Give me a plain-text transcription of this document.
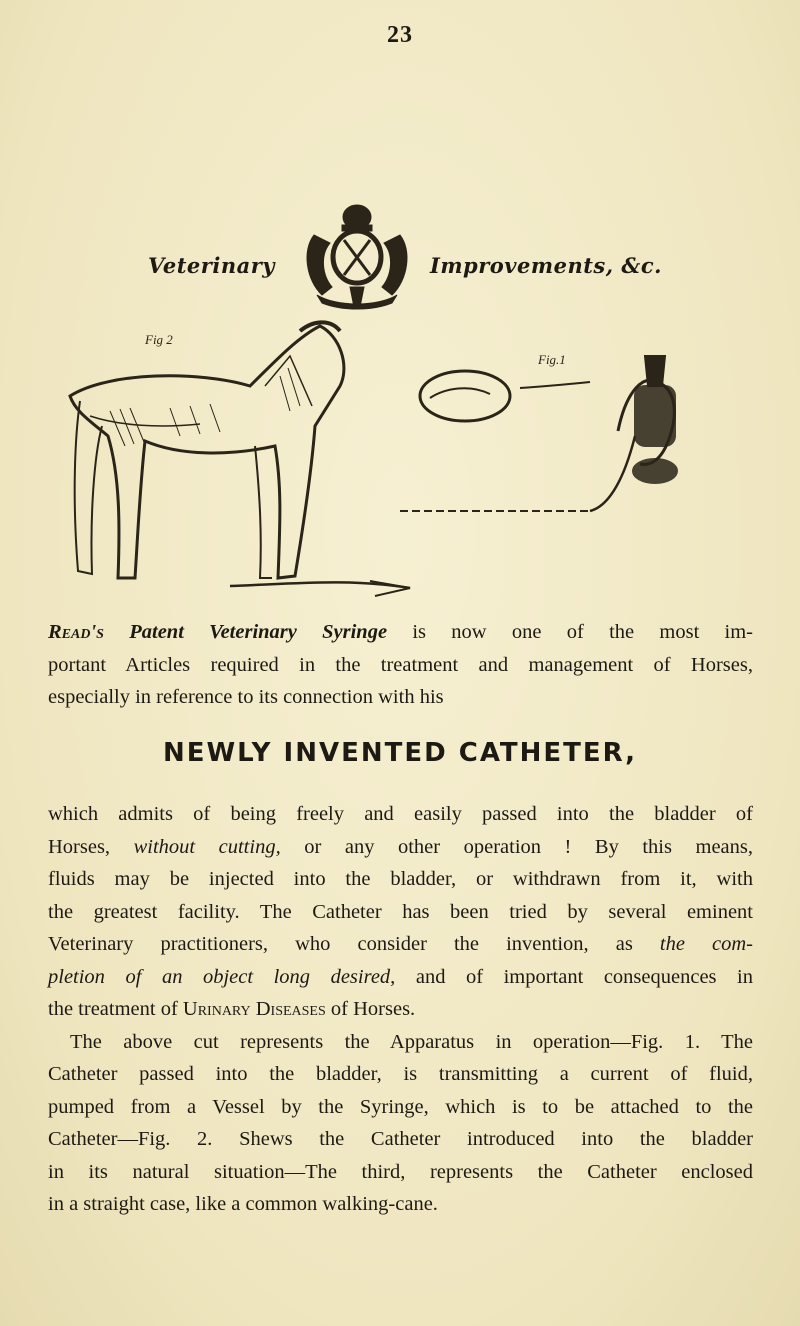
23
Veterinary	Improvements, &c.
Fig 2
Fig.1
Read's Patent Veterinary Syringe is now one of the most im-
portant Articles required in the treatment and management of Horses,
especially in reference to its connection with his
NEWLY INVENTED CATHETER,
which admits of being freely and easily passed into the bladder of
Horses, without cutting, or any other operation ! By this means,
fluids may be injected into the bladder, or withdrawn from it, with
the greatest facility. The Catheter has been tried by several eminent
Veterinary practitioners, who consider the invention, as the com-
pletion of an object long desired, and of important consequences in
the treatment of Urinary Diseases of Horses.
The above cut represents the Apparatus in operation—Fig. 1. The
Catheter passed into the bladder, is transmitting a current of fluid,
pumped from a Vessel by the Syringe, which is to be attached to the
Catheter—Fig. 2. Shews the Catheter introduced into the bladder
in its natural situation—The third, represents the Catheter enclosed
in a straight case, like a common walking-cane.
